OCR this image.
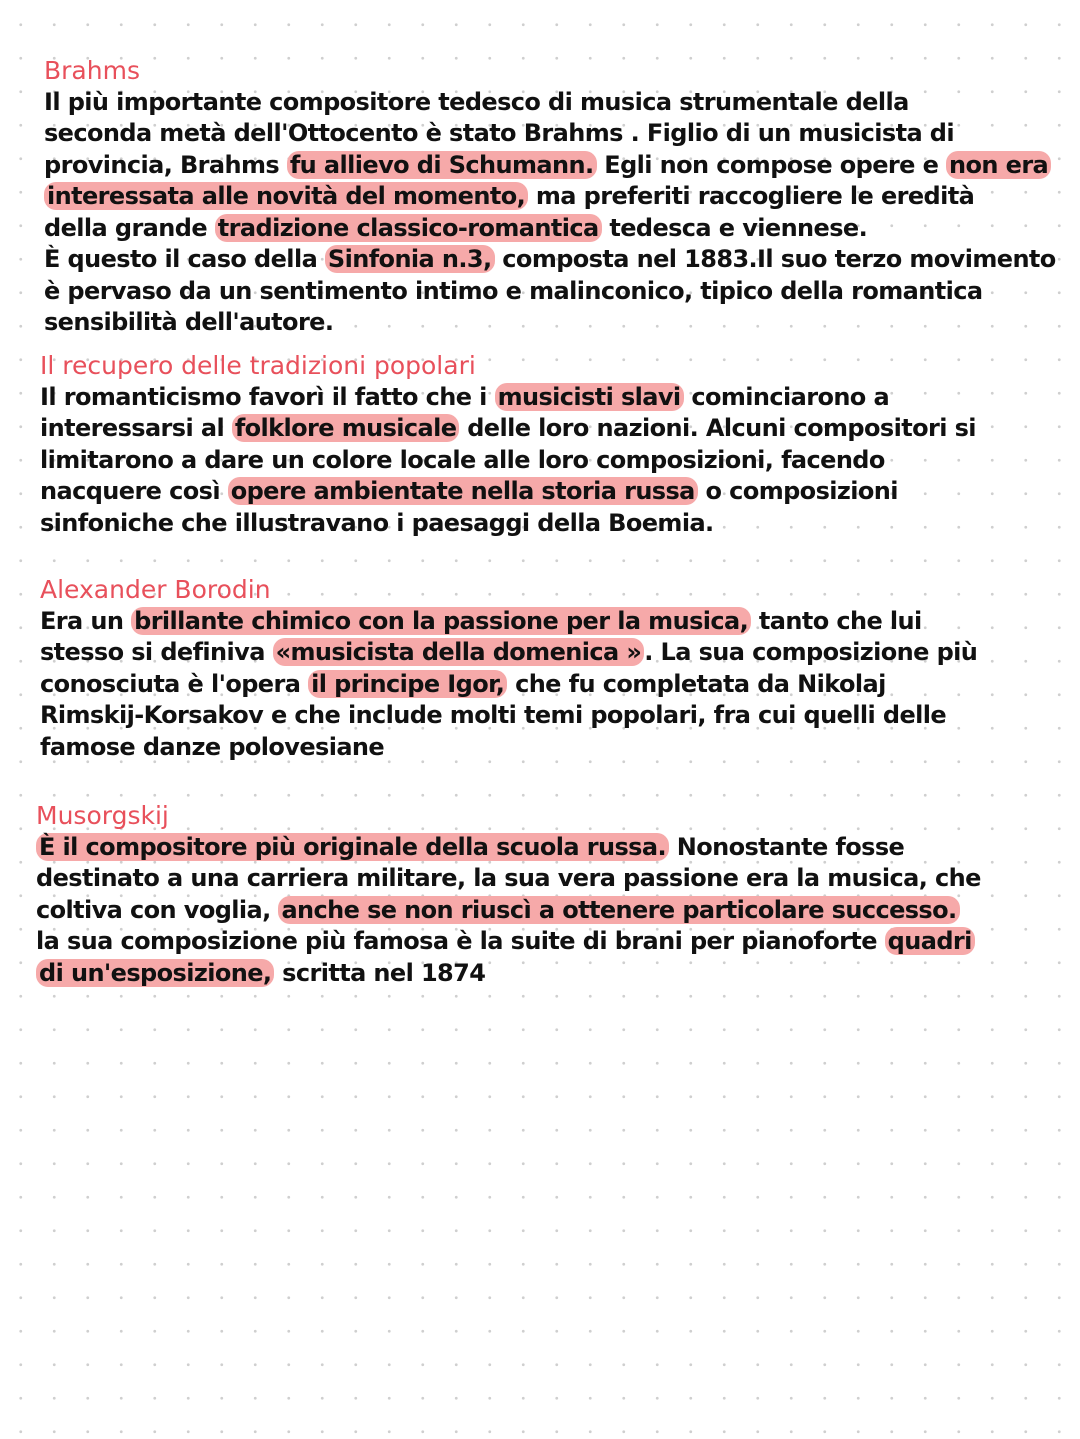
Brahms
Il più importante compositore tedesco di musica strumentale della
seconda metà dell'Ottocento è stato Brahms . Figlio di un musicista di
provincia, Brahms fu allievo di Schumann. Egli non compose opere e non era
interessata alle novità del momento, ma preferiti raccogliere le eredità
della grande tradizione classico-romantica tedesca e viennese.
È questo il caso della Sinfonia n.3, composta nel 1883.Il suo terzo movimento
è pervaso da un sentimento intimo e malinconico, tipico della romantica
sensibilità dell'autore.
Il recupero delle tradizioni popolari
Il romanticismo favorì il fatto che i musicisti slavi cominciarono a
interessarsi al folklore musicale delle loro nazioni. Alcuni compositori si
limitarono a dare un colore locale alle loro composizioni, facendo
nacquere così opere ambientate nella storia russa o composizioni
sinfoniche che illustravano i paesaggi della Boemia.
Alexander Borodin
Era un brillante chimico con la passione per la musica, tanto che lui
stesso si definiva «musicista della domenica » . La sua composizione più
conosciuta è l'opera il principe Igor, che fu completata da Nikolaj
Rimskij-Korsakov e che include molti temi popolari, fra cui quelli delle
famose danze polovesiane
Musorgskij
È il compositore più originale della scuola russa. Nonostante fosse
destinato a una carriera militare, la sua vera passione era la musica, che
coltiva con voglia, anche se non riuscì a ottenere particolare successo.
la sua composizione più famosa è la suite di brani per pianoforte quadri
di un'esposizione, scritta nel 1874
